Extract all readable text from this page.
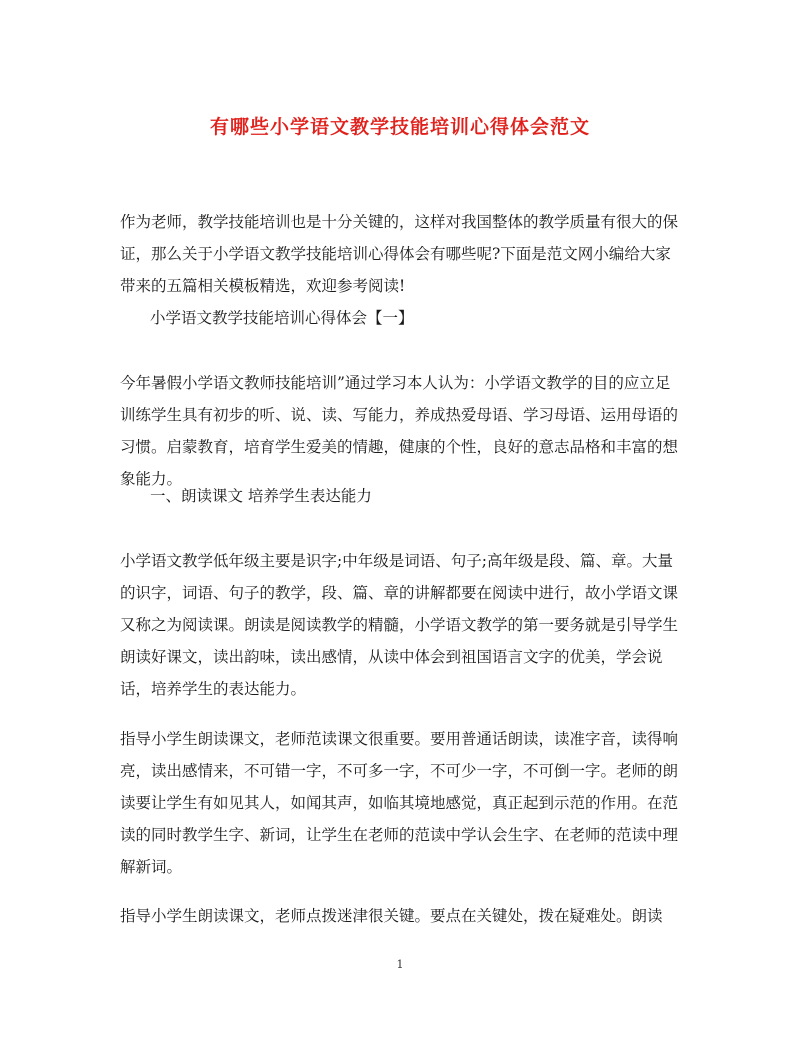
有哪些小学语文教学技能培训心得体会范文

作为老师，教学技能培训也是十分关键的，这样对我国整体的教学质量有很大的保证，那么关于小学语文教学技能培训心得体会有哪些呢?下面是范文网小编给大家带来的五篇相关模板精选，欢迎参考阅读!

小学语文教学技能培训心得体会【一】

今年暑假小学语文教师技能培训”通过学习本人认为：小学语文教学的目的应立足训练学生具有初步的听、说、读、写能力，养成热爱母语、学习母语、运用母语的习惯。启蒙教育，培育学生爱美的情趣，健康的个性，良好的意志品格和丰富的想象能力。

一、朗读课文 培养学生表达能力

小学语文教学低年级主要是识字;中年级是词语、句子;高年级是段、篇、章。大量的识字，词语、句子的教学，段、篇、章的讲解都要在阅读中进行，故小学语文课又称之为阅读课。朗读是阅读教学的精髓，小学语文教学的第一要务就是引导学生朗读好课文，读出韵味，读出感情，从读中体会到祖国语言文字的优美，学会说话，培养学生的表达能力。

指导小学生朗读课文，老师范读课文很重要。要用普通话朗读，读准字音，读得响亮，读出感情来，不可错一字，不可多一字，不可少一字，不可倒一字。老师的朗读要让学生有如见其人，如闻其声，如临其境地感觉，真正起到示范的作用。在范读的同时教学生字、新词，让学生在老师的范读中学认会生字、在老师的范读中理解新词。

指导小学生朗读课文，老师点拨迷津很关键。要点在关键处，拨在疑难处。朗读

1
